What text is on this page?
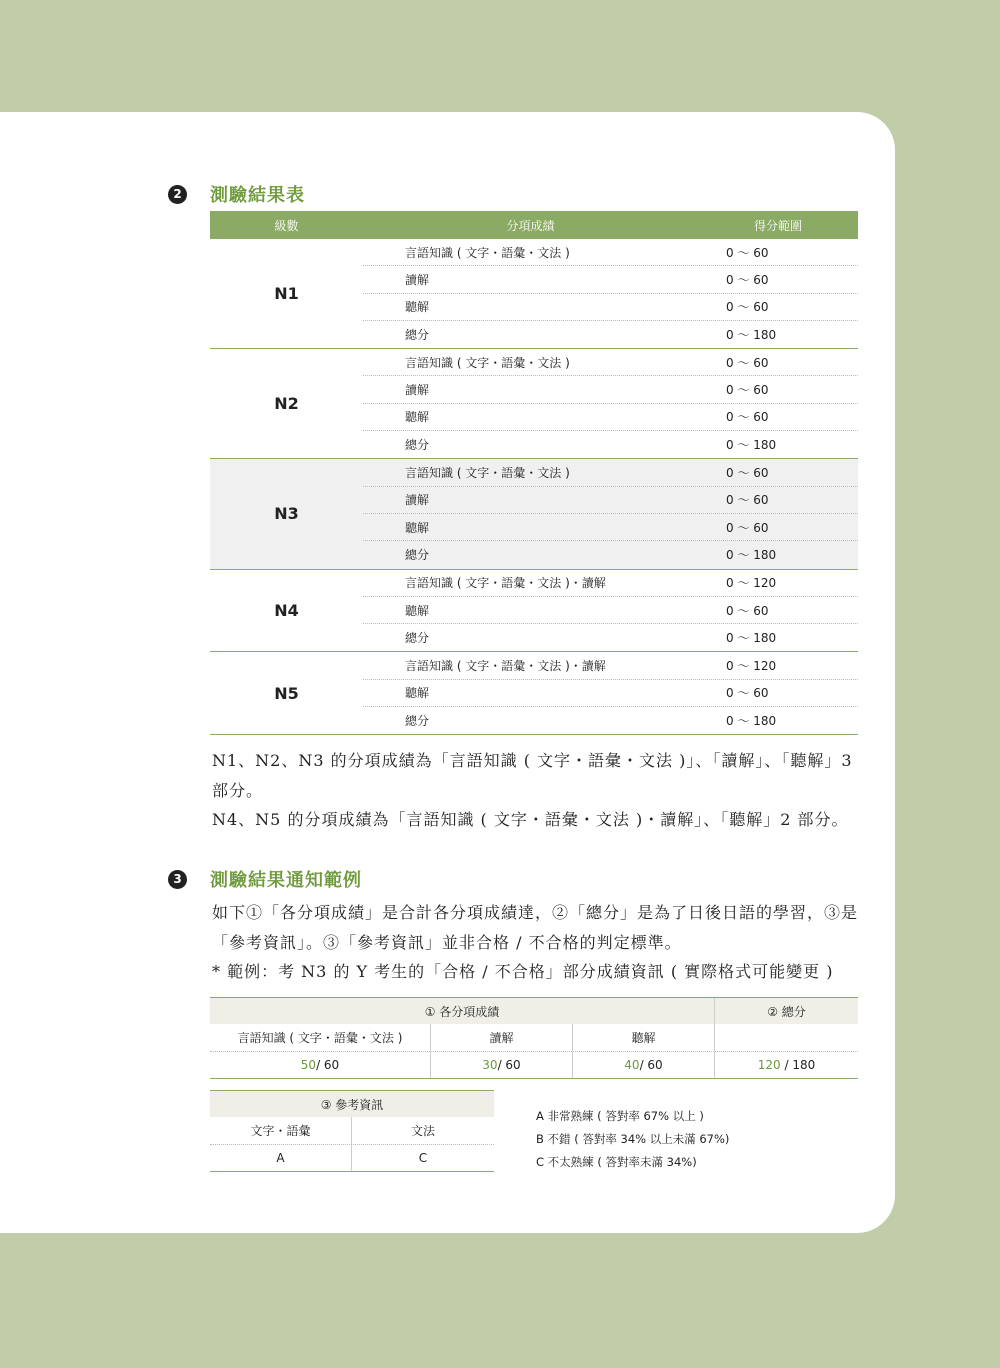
2 測驗結果表
級數	分項成績	得分範圍
N1
言語知識 ( 文字・語彙・文法 )	0 ～ 60
讀解	0 ～ 60
聽解	0 ～ 60
總分	0 ～ 180
N2
言語知識 ( 文字・語彙・文法 )	0 ～ 60
讀解	0 ～ 60
聽解	0 ～ 60
總分	0 ～ 180
N3
言語知識 ( 文字・語彙・文法 )	0 ～ 60
讀解	0 ～ 60
聽解	0 ～ 60
總分	0 ～ 180
N4
言語知識 ( 文字・語彙・文法 )・讀解	0 ～ 120
聽解	0 ～ 60
總分	0 ～ 180
N5
言語知識 ( 文字・語彙・文法 )・讀解	0 ～ 120
聽解	0 ～ 60
總分	0 ～ 180
N1、N2、N3 的分項成績為「言語知識 ( 文字・語彙・文法 )」、「讀解」、「聽解」3 部分。
N4、N5 的分項成績為「言語知識 ( 文字・語彙・文法 )・讀解」、「聽解」2 部分。
3 測驗結果通知範例
如下①「各分項成績」是合計各分項成績達，②「總分」是為了日後日語的學習，③是「參考資訊」。③「參考資訊」並非合格 / 不合格的判定標準。
* 範例：考 N3 的 Y 考生的「合格 / 不合格」部分成績資訊 ( 實際格式可能變更 )
① 各分項成績	② 總分
言語知識 ( 文字・語彙・文法 )	讀解	聽解
50 / 60	30 / 60	40 / 60	120 / 180
③ 參考資訊
文字・語彙	文法
A	C
A 非常熟練 ( 答對率 67% 以上 )
B 不錯 ( 答對率 34% 以上未滿 67%)
C 不太熟練 ( 答對率未滿 34%)
